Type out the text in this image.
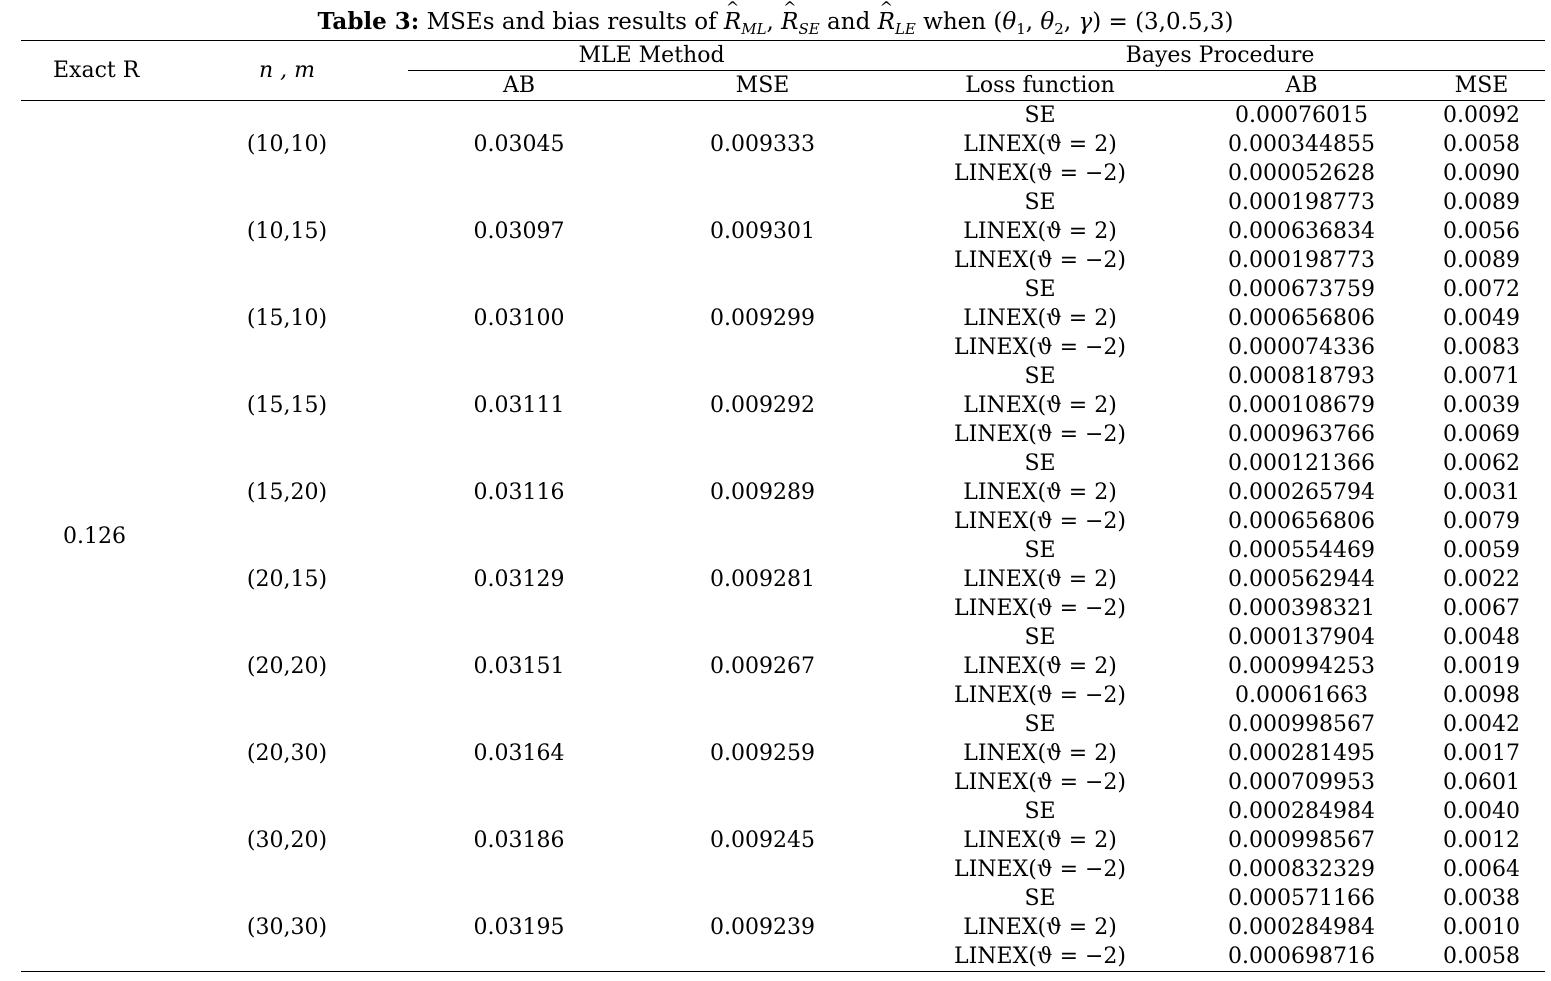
Table 3: MSEs and bias results of ^ $R_{ML}$, ^ $R_{SE}$ and ^ $R_{LE}$ when ($\theta_1$, $\theta_2$, γ) = (3,0.5,3)
Exact R	n , m	MLE Method		Bayes Procedure		
		AB	MSE	Loss function	AB	MSE
0.126	(10,10)	0.03045	0.009333	SE	0.00076015	0.0092
				LINEX(ϑ = 2)	0.000344855	0.0058
				LINEX(ϑ = −2)	0.000052628	0.0090
	(10,15)	0.03097	0.009301	SE	0.000198773	0.0089
				LINEX(ϑ = 2)	0.000636834	0.0056
				LINEX(ϑ = −2)	0.000198773	0.0089
	(15,10)	0.03100	0.009299	SE	0.000673759	0.0072
				LINEX(ϑ = 2)	0.000656806	0.0049
				LINEX(ϑ = −2)	0.000074336	0.0083
	(15,15)	0.03111	0.009292	SE	0.000818793	0.0071
				LINEX(ϑ = 2)	0.000108679	0.0039
				LINEX(ϑ = −2)	0.000963766	0.0069
	(15,20)	0.03116	0.009289	SE	0.000121366	0.0062
				LINEX(ϑ = 2)	0.000265794	0.0031
				LINEX(ϑ = −2)	0.000656806	0.0079
	(20,15)	0.03129	0.009281	SE	0.000554469	0.0059
				LINEX(ϑ = 2)	0.000562944	0.0022
				LINEX(ϑ = −2)	0.000398321	0.0067
	(20,20)	0.03151	0.009267	SE	0.000137904	0.0048
				LINEX(ϑ = 2)	0.000994253	0.0019
				LINEX(ϑ = −2)	0.00061663	0.0098
	(20,30)	0.03164	0.009259	SE	0.000998567	0.0042
				LINEX(ϑ = 2)	0.000281495	0.0017
				LINEX(ϑ = −2)	0.000709953	0.0601
	(30,20)	0.03186	0.009245	SE	0.000284984	0.0040
				LINEX(ϑ = 2)	0.000998567	0.0012
				LINEX(ϑ = −2)	0.000832329	0.0064
	(30,30)	0.03195	0.009239	SE	0.000571166	0.0038
				LINEX(ϑ = 2)	0.000284984	0.0010
				LINEX(ϑ = −2)	0.000698716	0.0058
